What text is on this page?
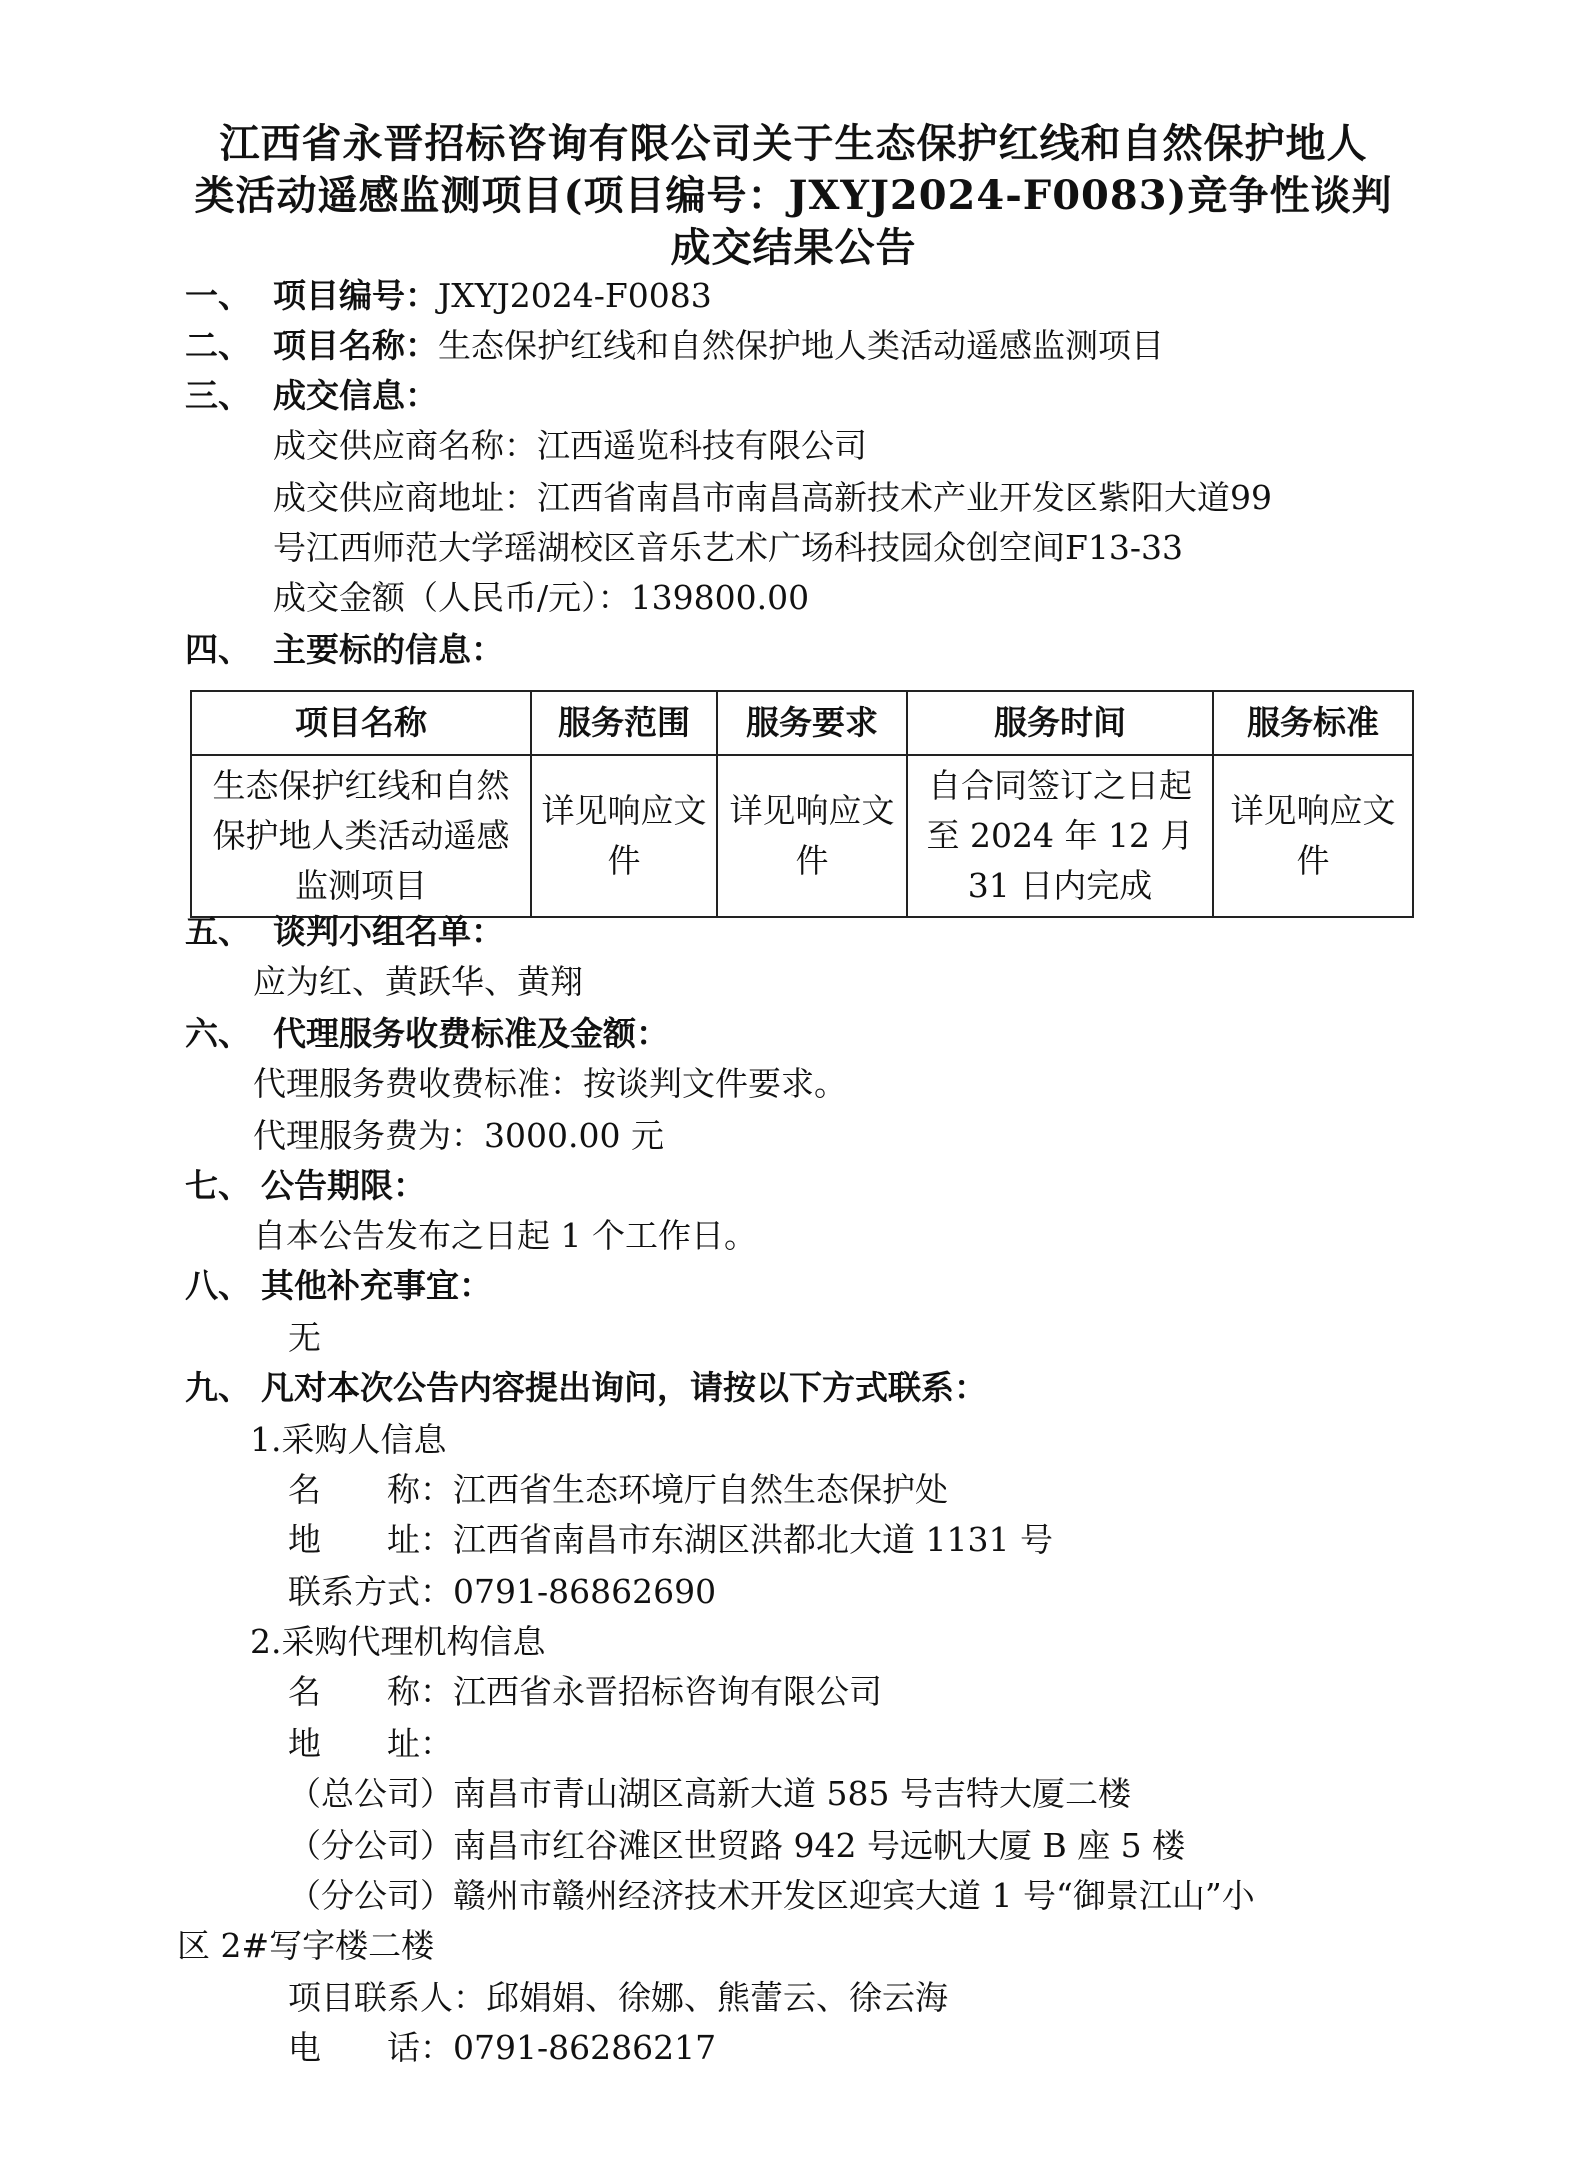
江西省永晋招标咨询有限公司关于生态保护红线和自然保护地人
类活动遥感监测项目(项目编号：JXYJ2024-F0083)竞争性谈判
成交结果公告
一、 项目编号：JXYJ2024-F0083
二、 项目名称：生态保护红线和自然保护地人类活动遥感监测项目
三、 成交信息：
成交供应商名称：江西遥览科技有限公司
成交供应商地址：江西省南昌市南昌高新技术产业开发区紫阳大道99
号江西师范大学瑶湖校区音乐艺术广场科技园众创空间F13-33
成交金额（人民币/元）：139800.00
四、 主要标的信息：
项目名称	服务范围	服务要求	服务时间	服务标准
生态保护红线和自然保护地人类活动遥感监测项目	详见响应文件	详见响应文件	自合同签订之日起至 2024 年 12 月 31 日内完成	详见响应文件
五、 谈判小组名单：
应为红、黄跃华、黄翔
六、 代理服务收费标准及金额：
代理服务费收费标准：按谈判文件要求。
代理服务费为：3000.00 元
七、 公告期限：
自本公告发布之日起 1 个工作日。
八、 其他补充事宜：
无
九、 凡对本次公告内容提出询问，请按以下方式联系：
1.采购人信息
名　　称：江西省生态环境厅自然生态保护处
地　　址：江西省南昌市东湖区洪都北大道 1131 号
联系方式：0791-86862690
2.采购代理机构信息
名　　称：江西省永晋招标咨询有限公司
地　　址：
（总公司）南昌市青山湖区高新大道 585 号吉特大厦二楼
（分公司）南昌市红谷滩区世贸路 942 号远帆大厦 B 座 5 楼
（分公司）赣州市赣州经济技术开发区迎宾大道 1 号“御景江山”小
区 2#写字楼二楼
项目联系人：邱娟娟、徐娜、熊蕾云、徐云海
电　　话：0791-86286217
